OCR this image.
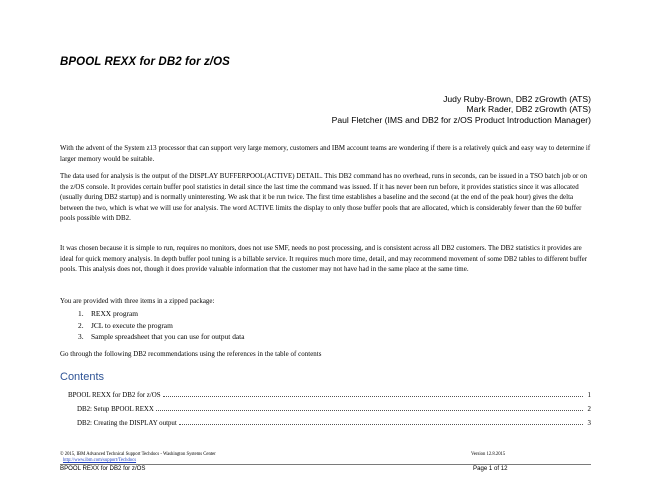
BPOOL REXX for DB2 for z/OS
Judy Ruby-Brown, DB2 zGrowth (ATS)
Mark Rader, DB2 zGrowth (ATS)
Paul Fletcher (IMS and DB2 for z/OS Product Introduction Manager)

With the advent of the System z13 processor that can support very large memory, customers and IBM account teams are wondering if there is a relatively quick and easy way to determine if larger memory would be suitable.

The data used for analysis is the output of the DISPLAY BUFFERPOOL(ACTIVE) DETAIL. This DB2 command has no overhead, runs in seconds, can be issued in a TSO batch job or on the z/OS console. It provides certain buffer pool statistics in detail since the last time the command was issued. If it has never been run before, it provides statistics since it was allocated (usually during DB2 startup) and is normally uninteresting. We ask that it be run twice. The first time establishes a baseline and the second (at the end of the peak hour) gives the delta between the two, which is what we will use for analysis. The word ACTIVE limits the display to only those buffer pools that are allocated, which is considerably fewer than the 60 buffer pools possible with DB2.

It was chosen because it is simple to run, requires no monitors, does not use SMF, needs no post processing, and is consistent across all DB2 customers. The DB2 statistics it provides are ideal for quick memory analysis. In depth buffer pool tuning is a billable service. It requires much more time, detail, and may recommend movement of some DB2 tables to different buffer pools. This analysis does not, though it does provide valuable information that the customer may not have had in the same place at the same time.

You are provided with three items in a zipped package:

1.	REXX program
2.	JCL to execute the program
3.	Sample spreadsheet that you can use for output data

Go through the following DB2 recommendations using the references in the table of contents

Contents
BPOOL REXX for DB2 for z/OS	1
DB2: Setup BPOOL REXX	2
DB2: Creating the DISPLAY output	3
© 2015, IBM Advanced Technical Support Techdocs - Washington Systems Center
http://www.ibm.com/support/Techdocs
Version 12.8.2015
BPOOL REXX for DB2 for z/OS	Page 1 of 12
